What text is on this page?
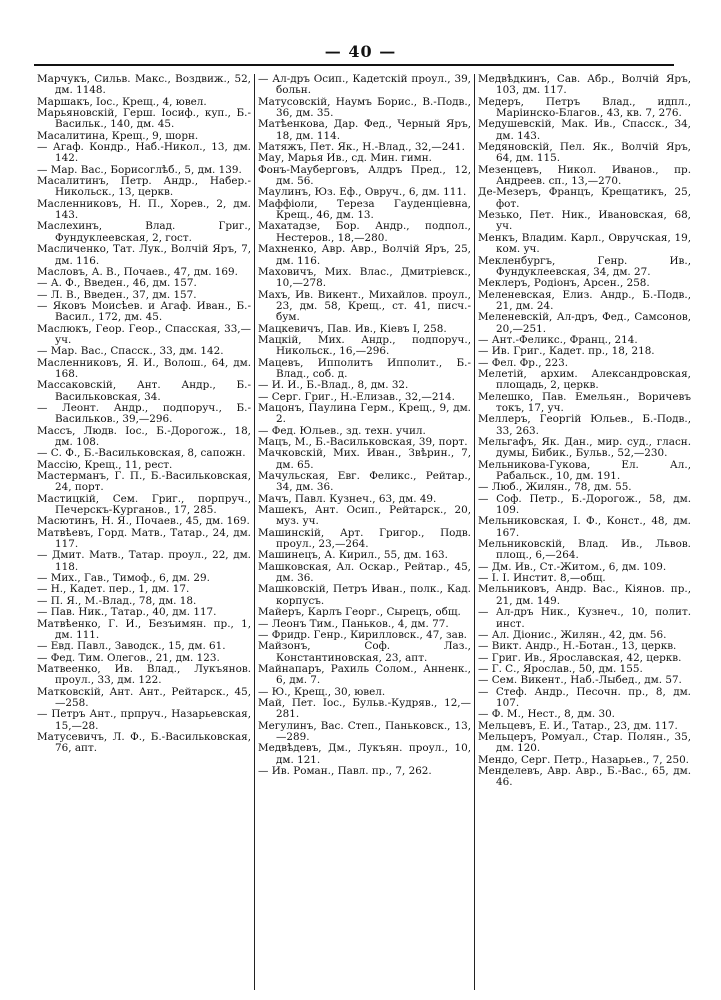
— 40 —

Марчукъ, Сильв. Макс., Воздвиж., 52, дм. 1148.

Маршакъ, Іос., Крещ., 4, ювел.

Марьяновскій, Герш. Іосиф., куп., Б.-Васильк., 140, дм. 45.

Масалитина, Крещ., 9, шорн.

— Агаф. Кондр., Наб.-Никол., 13, дм. 142.

— Мар. Вас., Борисоглѣб., 5, дм. 139.

Масалитинъ, Петр. Андр., Набер.-Никольск., 13, церкв.

Масленниковъ, Н. П., Хорев., 2, дм. 143.

Маслехинъ, Влад. Григ., Фундуклеевская, 2, гост.

Масличенко, Тат. Лук., Волчій Яръ, 7, дм. 116.

Масловъ, А. В., Почаев., 47, дм. 169.

— А. Ф., Введен., 46, дм. 157.

— Л. В., Введен., 37, дм. 157.

— Яковъ Моисѣев. и Агаф. Иван., Б.-Васил., 172, дм. 45.

Маслюкъ, Геор. Геор., Спасская, 33,—уч.

— Мар. Вас., Спасск., 33, дм. 142.

Масленниковъ, Я. И., Волош., 64, дм. 168.

Массаковскій, Ант. Андр., Б.-Васильковская, 34.

— Леонт. Андр., подпоруч., Б.-Васильков., 39,—296.

Массъ, Людв. Іос., Б.-Дорогож., 18, дм. 108.

— С. Ф., Б.-Васильковская, 8, сапожн.

Массію, Крещ., 11, рест.

Мастерманъ, Г. П., Б.-Васильковская, 24, порт.

Мастицкій, Сем. Григ., порпруч., Печерскъ-Курганов., 17, 285.

Масютинъ, Н. Я., Почаев., 45, дм. 169.

Матвѣевъ, Горд. Матв., Татар., 24, дм. 117.

— Дмит. Матв., Татар. проул., 22, дм. 118.

— Мих., Гав., Тимоф., 6, дм. 29.

— Н., Кадет. пер., 1, дм. 17.

— П. Я., М.-Влад., 78, дм. 18.

— Пав. Ник., Татар., 40, дм. 117.

Матвѣенко, Г. И., Безъимян. пр., 1, дм. 111.

— Евд. Павл., Заводск., 15, дм. 61.

— Фед. Тим. Олегов., 21, дм. 123.

Матвеенко, Ив. Влад., Лукъянов. проул., 33, дм. 122.

Матковскій, Ант. Ант., Рейтарск., 45,—258.

— Петръ Ант., прпруч., Назарьевская, 15,—28.

Матусевичъ, Л. Ф., Б.-Васильковская, 76, апт.

— Ал-дръ Осип., Кадетскій проул., 39, больн.

Матусовскій, Наумъ Борис., В.-Подв., 36, дм. 35.

Матѣенкова, Дар. Фед., Черный Яръ, 18, дм. 114.

Матяжъ, Пет. Як., Н.-Влад., 32,—241.

Мау, Марья Ив., сд. Мин. гимн.

Фонъ-Мауберговъ, Алдръ Пред., 12, дм. 56.

Маулинъ, Юз. Еф., Овруч., 6, дм. 111.

Маффіоли, Тереза Гауденціевна, Крещ., 46, дм. 13.

Махатадзе, Бор. Андр., подпол., Нестеров., 18,—280.

Махненко, Авр. Авр., Волчій Яръ, 25, дм. 116.

Маховичъ, Мих. Влас., Дмитріевск., 10,—278.

Махъ, Ив. Викент., Михайлов. проул., 23, дм. 58, Крещ., ст. 41, писч.-бум.

Мацкевичъ, Пав. Ив., Кіевъ I, 258.

Мацкій, Мих. Андр., подпоруч., Никольск., 16,—296.

Мацевъ, Ипполитъ Ипполит., Б.-Влад., соб. д.

— И. И., Б.-Влад., 8, дм. 32.

— Серг. Григ., Н.-Елизав., 32,—214.

Мацонъ, Паулина Герм., Крещ., 9, дм. 2.

— Фед. Юльев., зд. техн. учил.

Мацъ, М., Б.-Васильковская, 39, порт.

Мачковскій, Мих. Иван., Звѣрин., 7, дм. 65.

Мачульская, Евг. Феликс., Рейтар., 34, дм. 36.

Мачъ, Павл. Кузнеч., 63, дм. 49.

Машекъ, Ант. Осип., Рейтарск., 20, муз. уч.

Машинскій, Арт. Григор., Подв. проул., 23,—264.

Машинецъ, А. Кирил., 55, дм. 163.

Машковская, Ал. Оскар., Рейтар., 45, дм. 36.

Машковскій, Петръ Иван., полк., Кад. корпусъ.

Майеръ, Карлъ Георг., Сырецъ, общ.

— Леонъ Тим., Паньков., 4, дм. 77.

— Фридр. Генр., Кирилловск., 47, зав.

Майзонъ, Соф. Лаз., Константиновская, 23, апт.

Майнапаръ, Рахиль Солом., Анненк., 6, дм. 7.

— Ю., Крещ., 30, ювел.

Май, Пет. Іос., Бульв.-Кудряв., 12,—281.

Мегулинъ, Вас. Степ., Паньковск., 13,—289.

Медвѣдевъ, Дм., Лукъян. проул., 10, дм. 121.

— Ив. Роман., Павл. пр., 7, 262.

Медвѣдкинъ, Сав. Абр., Волчій Яръ, 103, дм. 117.

Медеръ, Петръ Влад., идпл., Маріинско-Благов., 43, кв. 7, 276.

Медушевскій, Мак. Ив., Спасск., 34, дм. 143.

Медяновскій, Пел. Як., Волчій Яръ, 64, дм. 115.

Мезенцевъ, Никол. Иванов., пр. Андреев. сп., 13,—270.

Де-Мезеръ, Францъ, Крещатикъ, 25, фот.

Мезько, Пет. Ник., Ивановская, 68, уч.

Менкъ, Владим. Карл., Овручская, 19, ком. уч.

Мекленбургъ, Генр. Ив., Фундуклеевская, 34, дм. 27.

Меклеръ, Родіонъ, Арсен., 258.

Меленевская, Елиз. Андр., Б.-Подв., 21, дм. 24.

Меленевскій, Ал-дръ, Фед., Самсонов, 20,—251.

— Ант.-Феликс., Франц., 214.

— Ив. Григ., Кадет. пр., 18, 218.

— Фел. Фр., 223.

Мелетій, архим. Александровская, площадь, 2, церкв.

Мелешко, Пав. Емельян., Воричевъ токъ, 17, уч.

Меллеръ, Георгій Юльев., Б.-Подв., 33, 263.

Мельгафъ, Як. Дан., мир. суд., гласн. думы, Бибик., Бульв., 52,—230.

Мельникова-Гукова, Ел. Ал., Рабальск., 10, дм. 191.

— Люб., Жилян., 78, дм. 55.

— Соф. Петр., Б.-Дорогож., 58, дм. 109.

Мельниковская, І. Ф., Конст., 48, дм. 167.

Мельниковскій, Влад. Ив., Львов. площ., 6,—264.

— Дм. Ив., Ст.-Житом., 6, дм. 109.

— І. І. Инстит. 8,—общ.

Мельниковъ, Андр. Вас., Кіянов. пр., 21, дм. 149.

— Ал-дръ Ник., Кузнеч., 10, полит. инст.

— Ал. Діонис., Жилян., 42, дм. 56.

— Викт. Андр., Н.-Ботан., 13, церкв.

— Григ. Ив., Ярославская, 42, церкв.

— Г. С., Ярослав., 50, дм. 155.

— Сем. Викент., Наб.-Лыбед., дм. 57.

— Стеф. Андр., Песочн. пр., 8, дм. 107.

— Ф. М., Нест., 8, дм. 30.

Мельцевъ, Е. И., Татар., 23, дм. 117.

Мельцеръ, Ромуал., Стар. Полян., 35, дм. 120.

Мендо, Серг. Петр., Назарьев., 7, 250.

Менделевъ, Авр. Авр., Б.-Вас., 65, дм. 46.
